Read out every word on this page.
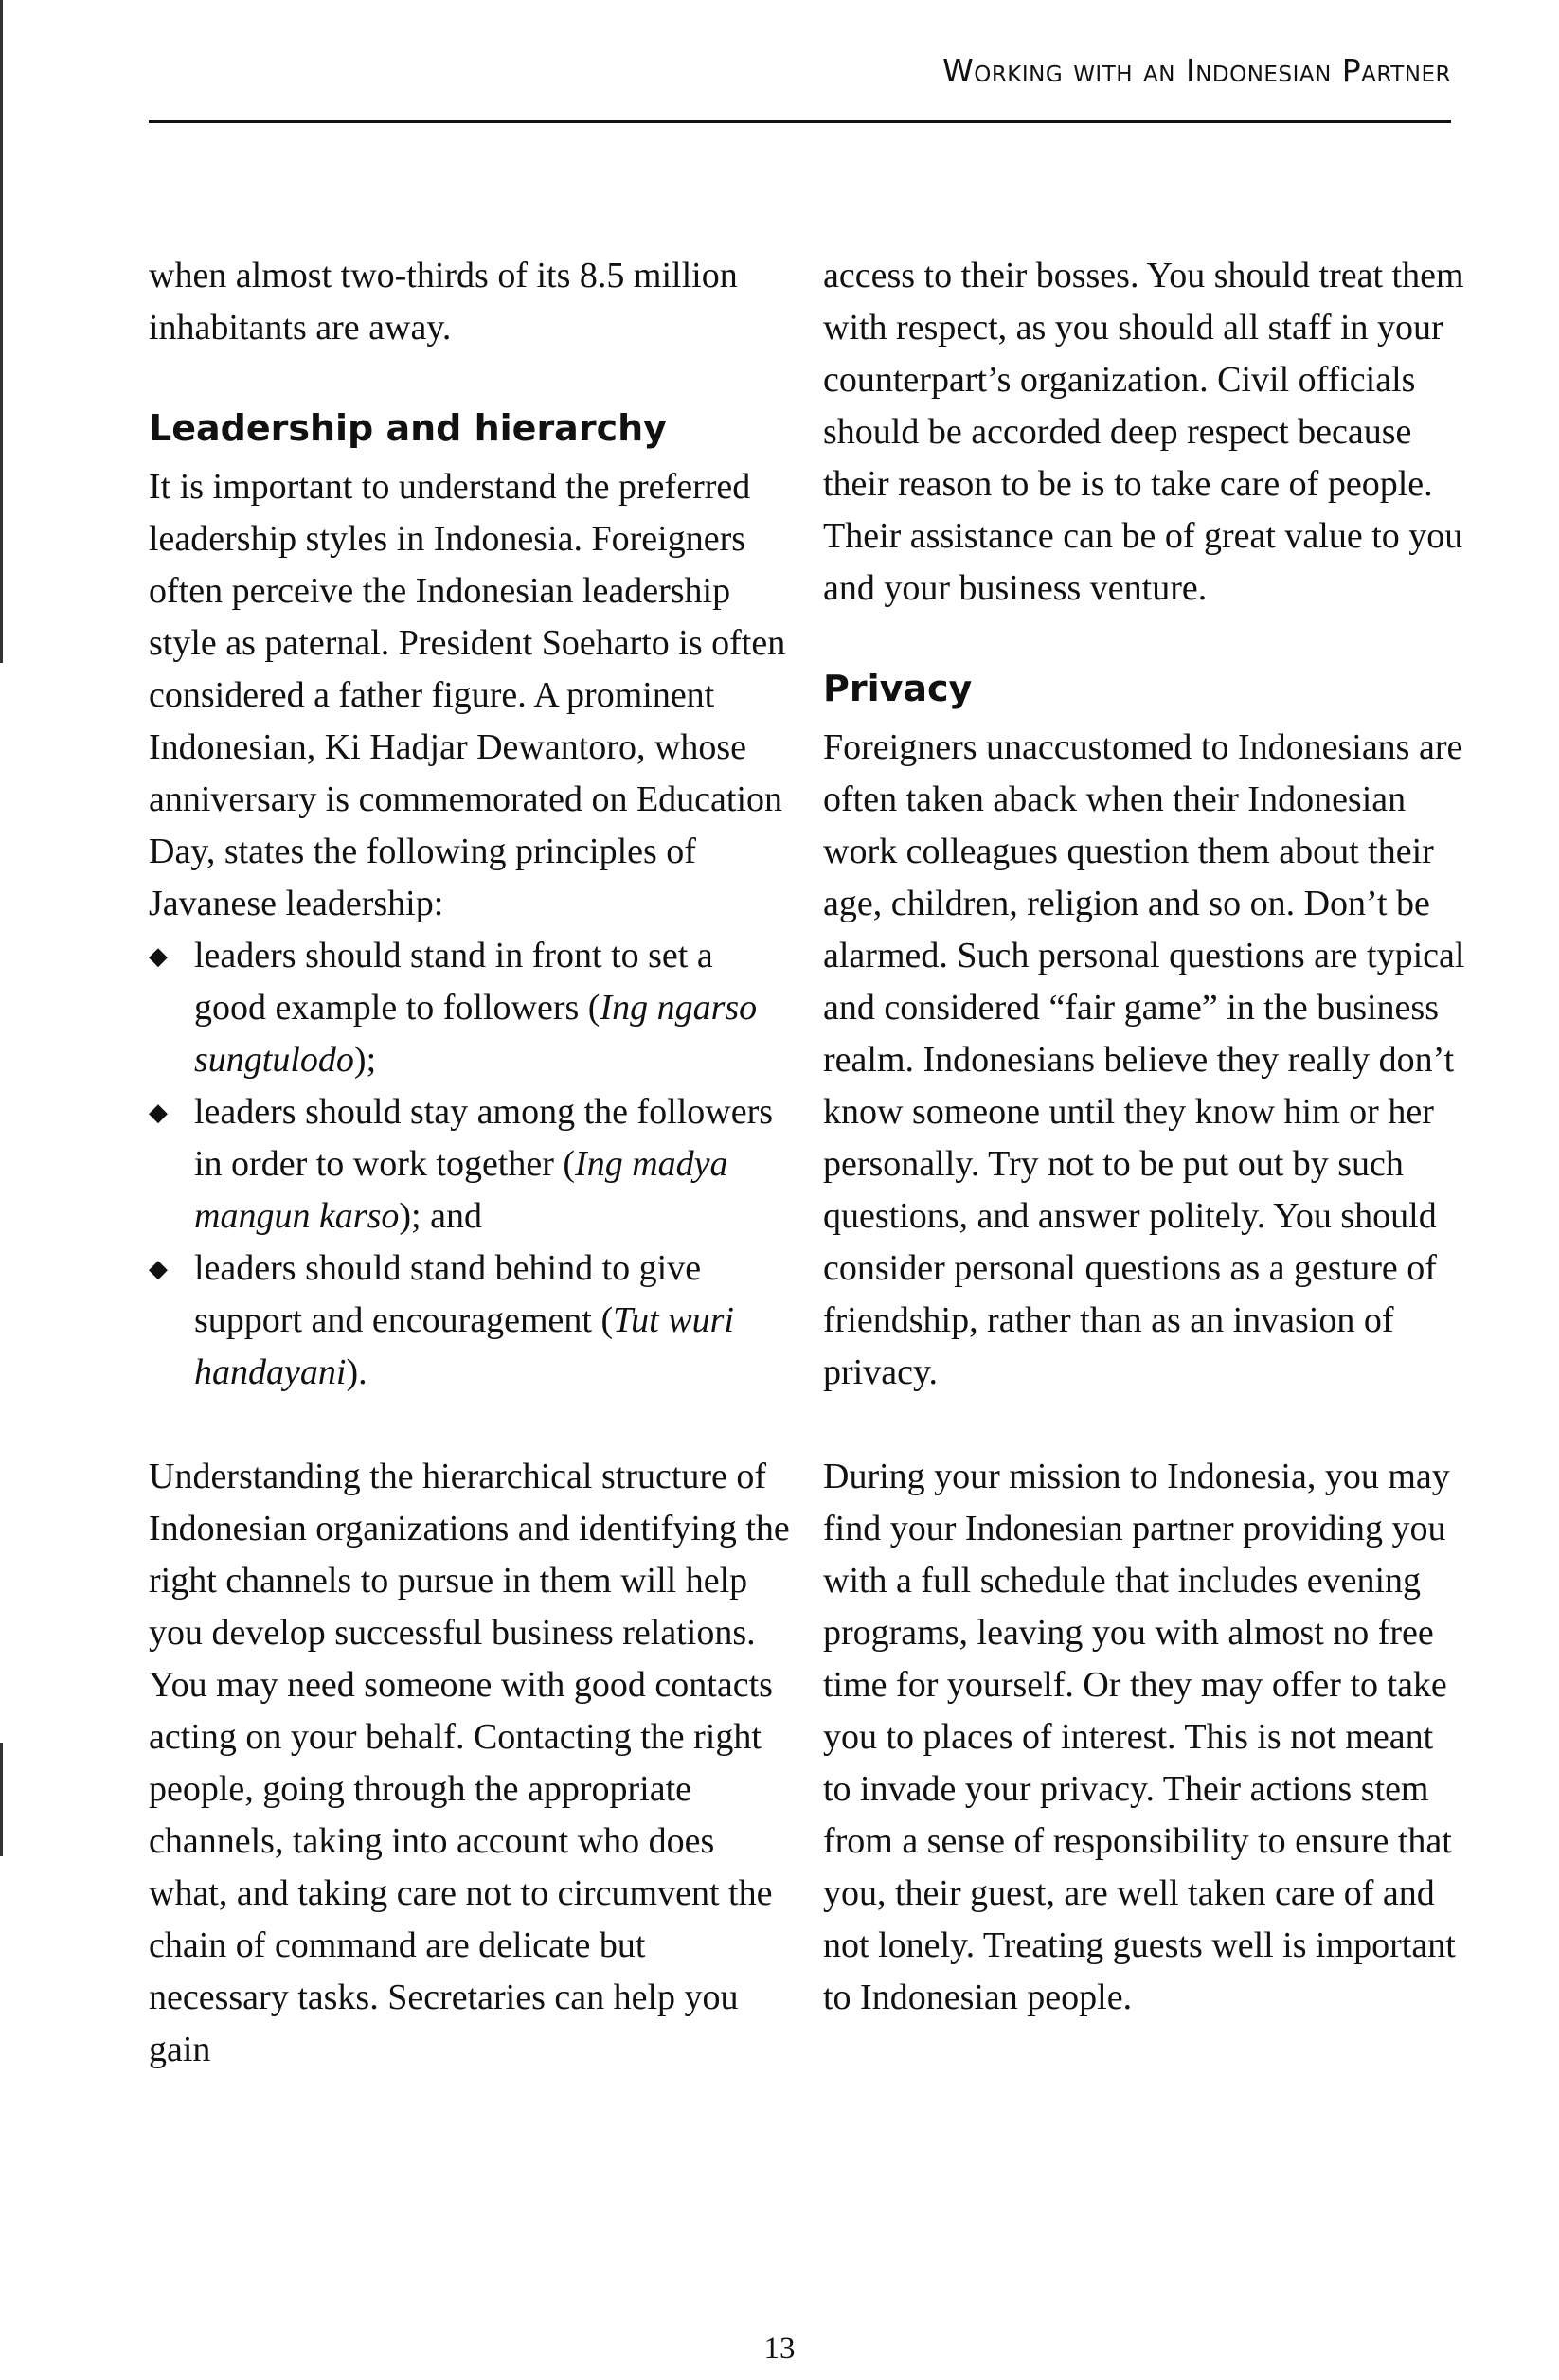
Working with an Indonesian Partner

when almost two-thirds of its 8.5 million inhabitants are away.

Leadership and hierarchy

It is important to understand the preferred leadership styles in Indonesia. Foreigners often perceive the Indonesian leadership style as paternal. President Soeharto is often considered a father figure. A prominent Indonesian, Ki Hadjar Dewantoro, whose anniversary is commemorated on Education Day, states the following principles of Javanese leadership:

◆ leaders should stand in front to set a good example to followers (Ing ngarso sungtulodo);
◆ leaders should stay among the followers in order to work together (Ing madya mangun karso); and
◆ leaders should stand behind to give support and encouragement (Tut wuri handayani).

Understanding the hierarchical structure of Indonesian organizations and identifying the right channels to pursue in them will help you develop successful business relations. You may need someone with good contacts acting on your behalf. Contacting the right people, going through the appropriate channels, taking into account who does what, and taking care not to circumvent the chain of command are delicate but necessary tasks. Secretaries can help you gain

access to their bosses. You should treat them with respect, as you should all staff in your counterpart’s organization. Civil officials should be accorded deep respect because their reason to be is to take care of people. Their assistance can be of great value to you and your business venture.

Privacy

Foreigners unaccustomed to Indonesians are often taken aback when their Indonesian work colleagues question them about their age, children, religion and so on. Don’t be alarmed. Such personal questions are typical and considered “fair game” in the business realm. Indonesians believe they really don’t know someone until they know him or her personally. Try not to be put out by such questions, and answer politely. You should consider personal questions as a gesture of friendship, rather than as an invasion of privacy.

During your mission to Indonesia, you may find your Indonesian partner providing you with a full schedule that includes evening programs, leaving you with almost no free time for yourself. Or they may offer to take you to places of interest. This is not meant to invade your privacy. Their actions stem from a sense of responsibility to ensure that you, their guest, are well taken care of and not lonely. Treating guests well is important to Indonesian people.

13
